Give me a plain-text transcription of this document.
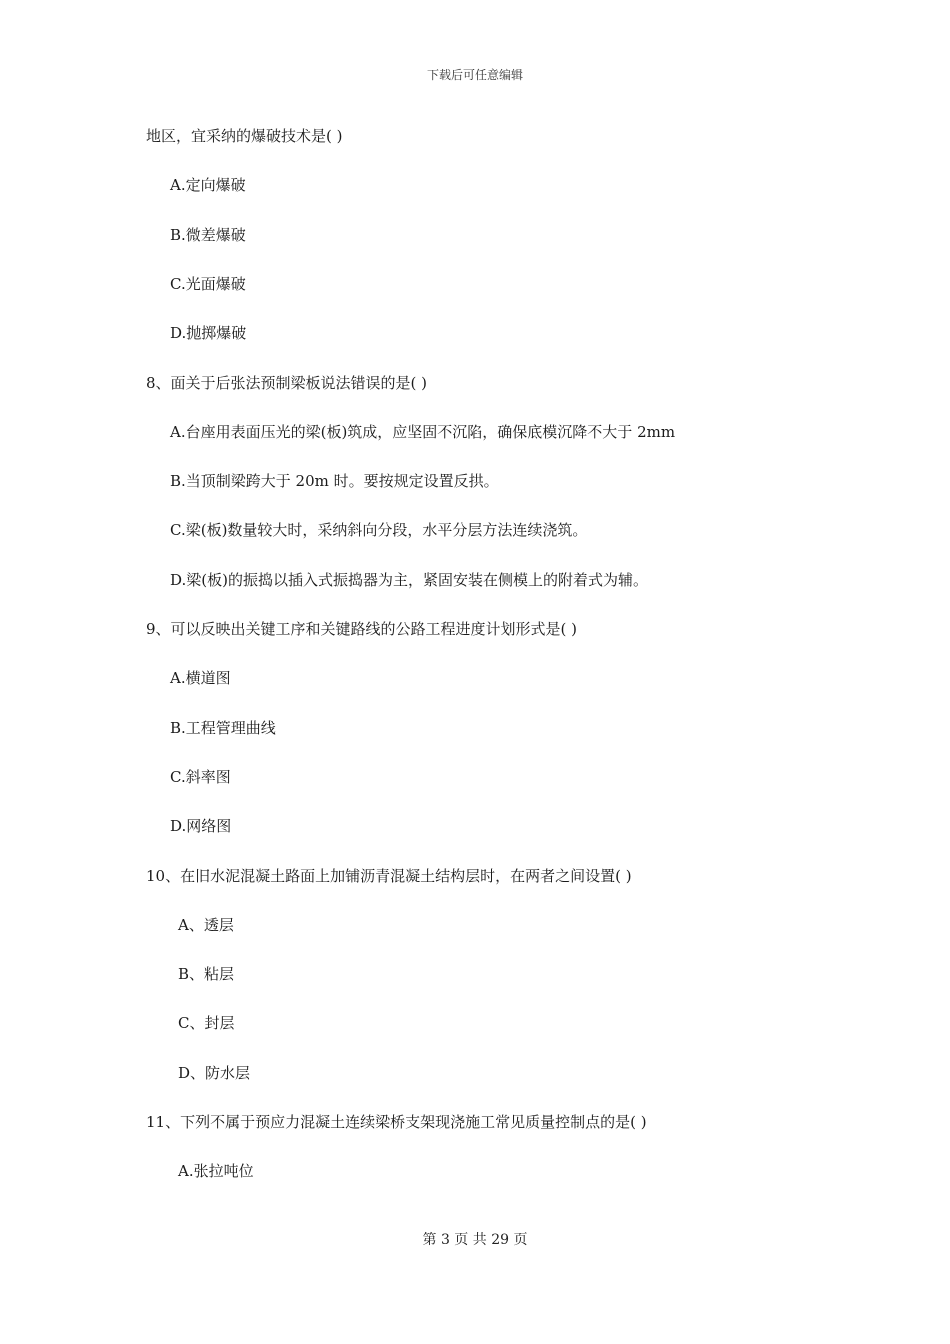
下载后可任意编辑
地区，宜采纳的爆破技术是( )
A.定向爆破
B.微差爆破
C.光面爆破
D.抛掷爆破
8、面关于后张法预制梁板说法错误的是( )
A.台座用表面压光的梁(板)筑成，应坚固不沉陷，确保底模沉降不大于 2mm
B.当顶制梁跨大于 20m 时。要按规定设置反拱。
C.梁(板)数量较大时，采纳斜向分段，水平分层方法连续浇筑。
D.梁(板)的振捣以插入式振捣器为主，紧固安装在侧模上的附着式为辅。
9、可以反映出关键工序和关键路线的公路工程进度计划形式是( )
A.横道图
B.工程管理曲线
C.斜率图
D.网络图
10、在旧水泥混凝土路面上加铺沥青混凝土结构层时，在两者之间设置( )
A、透层
B、粘层
C、封层
D、防水层
11、下列不属于预应力混凝土连续梁桥支架现浇施工常见质量控制点的是( )
A.张拉吨位
第 3 页 共 29 页
